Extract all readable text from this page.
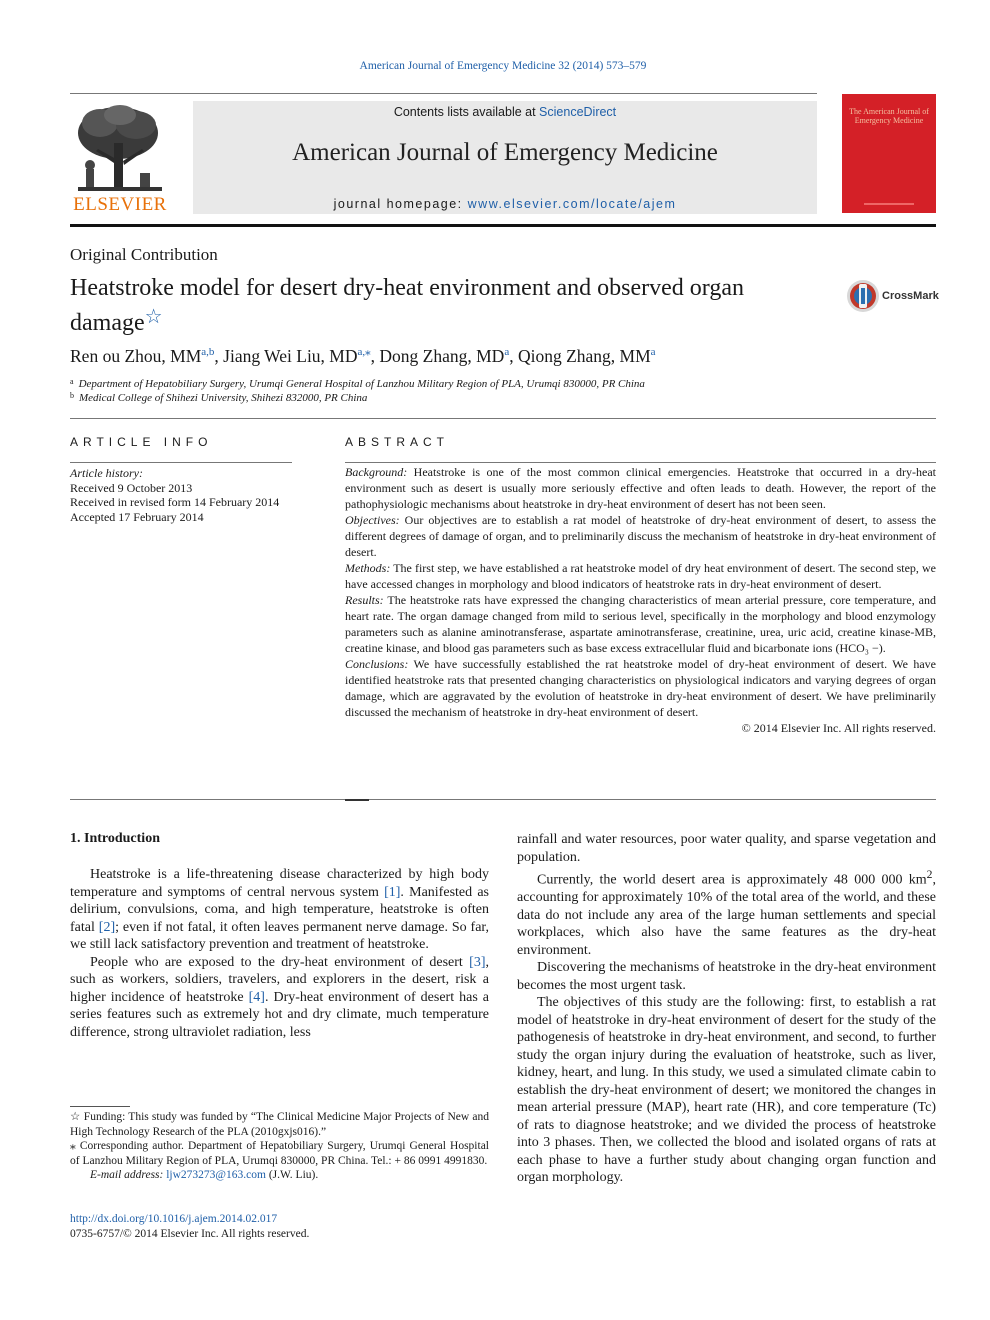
American Journal of Emergency Medicine 32 (2014) 573–579
ELSEVIER
Contents lists available at ScienceDirect
American Journal of Emergency Medicine
journal homepage: www.elsevier.com/locate/ajem
The American Journal of Emergency Medicine
Original Contribution
Heatstroke model for desert dry-heat environment and observed organ damage☆
CrossMark
Ren ou Zhou, MM$^{a,b}$, Jiang Wei Liu, $MD^{a,⁎}$, Dong Zhang, $MD^a$, Qiong Zhang, $MM^a$
$^a$ Department of Hepatobiliary Surgery, Urumqi General Hospital of Lanzhou Military Region of PLA, Urumqi 830000, PR China
$^b$ Medical College of Shihezi University, Shihezi 832000, PR China
ARTICLE INFO	ABSTRACT
Article history:
Received 9 October 2013
Received in revised form 14 February 2014
Accepted 17 February 2014

Background: Heatstroke is one of the most common clinical emergencies. Heatstroke that occurred in a dry-heat environment such as desert is usually more seriously effective and often leads to death. However, the report of the pathophysiologic mechanisms about heatstroke in dry-heat environment of desert has not been seen.

Objectives: Our objectives are to establish a rat model of heatstroke of dry-heat environment of desert, to assess the different degrees of damage of organ, and to preliminarily discuss the mechanism of heatstroke in dry-heat environment of desert.

Methods: The first step, we have established a rat heatstroke model of dry heat environment of desert. The second step, we have accessed changes in morphology and blood indicators of heatstroke rats in dry-heat environment of desert.

Results: The heatstroke rats have expressed the changing characteristics of mean arterial pressure, core temperature, and heart rate. The organ damage changed from mild to serious level, specifically in the morphology and blood enzymology parameters such as alanine aminotransferase, aspartate aminotransferase, creatinine, urea, uric acid, creatine kinase-MB, creatine kinase, and blood gas parameters such as base excess extracellular fluid and bicarbonate ions (HCO₃ −).

Conclusions: We have successfully established the rat heatstroke model of dry-heat environment of desert. We have identified heatstroke rats that presented changing characteristics on physiological indicators and varying degrees of organ damage, which are aggravated by the evolution of heatstroke in dry-heat environment of desert. We have preliminarily discussed the mechanism of heatstroke in dry-heat environment of desert.

© 2014 Elsevier Inc. All rights reserved.

1. Introduction

Heatstroke is a life-threatening disease characterized by high body temperature and symptoms of central nervous system [1]. Manifested as delirium, convulsions, coma, and high temperature, heatstroke is often fatal [2]; even if not fatal, it often leaves permanent nerve damage. So far, we still lack satisfactory prevention and treatment of heatstroke.

People who are exposed to the dry-heat environment of desert [3], such as workers, soldiers, travelers, and explorers in the desert, risk a higher incidence of heatstroke [4]. Dry-heat environment of desert has a series features such as extremely hot and dry climate, much temperature difference, strong ultraviolet radiation, less

rainfall and water resources, poor water quality, and sparse vegetation and population.

Currently, the world desert area is approximately 48 000 000 $km^2$, accounting for approximately 10% of the total area of the world, and these data do not include any area of the large human settlements and special workplaces, which also have the same features as the dry-heat environment.

Discovering the mechanisms of heatstroke in the dry-heat environment becomes the most urgent task.

The objectives of this study are the following: first, to establish a rat model of heatstroke in dry-heat environment of desert for the study of the pathogenesis of heatstroke in dry-heat environment, and second, to further study the organ injury during the evaluation of heatstroke, such as liver, kidney, heart, and lung. In this study, we used a simulated climate cabin to establish the dry-heat environment of desert; we monitored the changes in mean arterial pressure (MAP), heart rate (HR), and core temperature (Tc) of rats to diagnose heatstroke; and we divided the process of heatstroke into 3 phases. Then, we collected the blood and isolated organs of rats at each phase to have a further study about changing organ function and organ morphology.

☆ Funding: This study was funded by “The Clinical Medicine Major Projects of New and High Technology Research of the PLA (2010gxjs016).”

⁎ Corresponding author. Department of Hepatobiliary Surgery, Urumqi General Hospital of Lanzhou Military Region of PLA, Urumqi 830000, PR China. Tel.: + 86 0991 4991830.

E-mail address: ljw273273@163.com (J.W. Liu).

http://dx.doi.org/10.1016/j.ajem.2014.02.017
0735-6757/© 2014 Elsevier Inc. All rights reserved.
